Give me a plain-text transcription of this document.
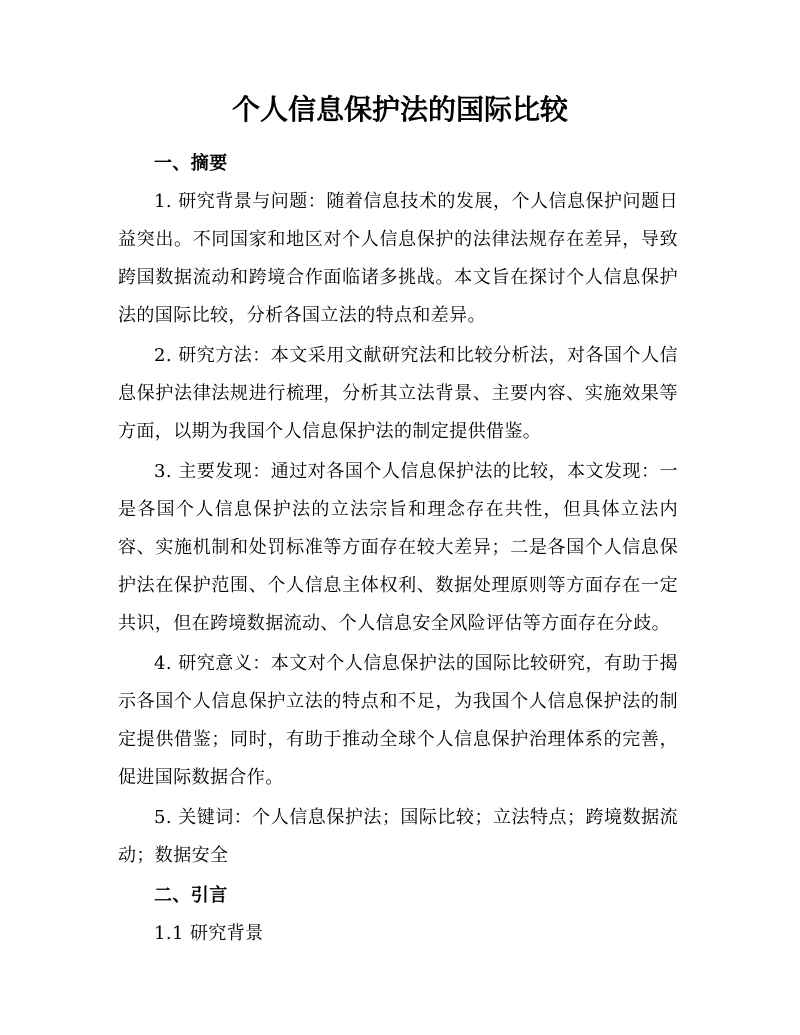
个人信息保护法的国际比较

一、摘要

1. 研究背景与问题：随着信息技术的发展，个人信息保护问题日益突出。不同国家和地区对个人信息保护的法律法规存在差异，导致跨国数据流动和跨境合作面临诸多挑战。本文旨在探讨个人信息保护法的国际比较，分析各国立法的特点和差异。

2. 研究方法：本文采用文献研究法和比较分析法，对各国个人信息保护法律法规进行梳理，分析其立法背景、主要内容、实施效果等方面，以期为我国个人信息保护法的制定提供借鉴。

3. 主要发现：通过对各国个人信息保护法的比较，本文发现：一是各国个人信息保护法的立法宗旨和理念存在共性，但具体立法内容、实施机制和处罚标准等方面存在较大差异；二是各国个人信息保护法在保护范围、个人信息主体权利、数据处理原则等方面存在一定共识，但在跨境数据流动、个人信息安全风险评估等方面存在分歧。

4. 研究意义：本文对个人信息保护法的国际比较研究，有助于揭示各国个人信息保护立法的特点和不足，为我国个人信息保护法的制定提供借鉴；同时，有助于推动全球个人信息保护治理体系的完善，促进国际数据合作。

5. 关键词：个人信息保护法；国际比较；立法特点；跨境数据流动；数据安全

二、引言

1.1 研究背景
